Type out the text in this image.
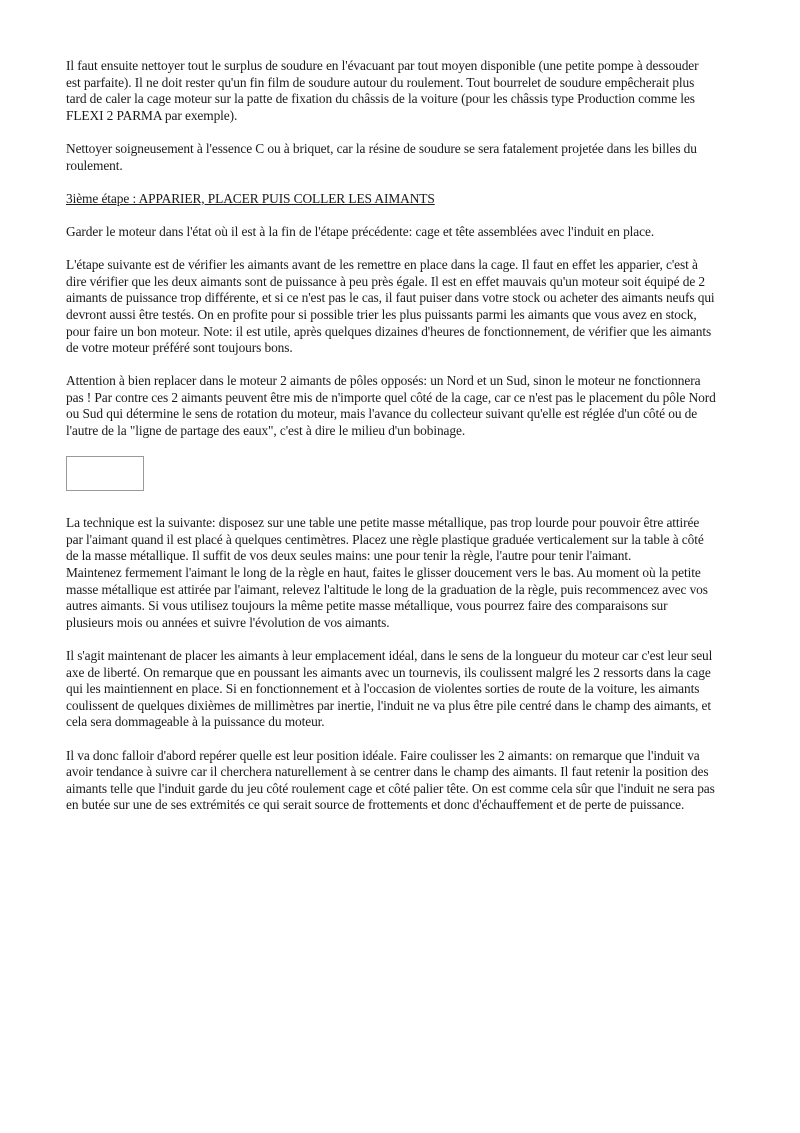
Il faut ensuite nettoyer tout le surplus de soudure en l'évacuant par tout moyen disponible (une petite pompe à dessouder est parfaite). Il ne doit rester qu'un fin film de soudure autour du roulement. Tout bourrelet de soudure empêcherait plus tard de caler la cage moteur sur la patte de fixation du châssis de la voiture (pour les châssis type Production comme les FLEXI 2 PARMA par exemple).

Nettoyer soigneusement à l'essence C ou à briquet, car la résine de soudure se sera fatalement projetée dans les billes du roulement.

3ième étape : APPARIER, PLACER PUIS COLLER LES AIMANTS

Garder le moteur dans l'état où il est à la fin de l'étape précédente: cage et tête assemblées avec l'induit en place.

L'étape suivante est de vérifier les aimants avant de les remettre en place dans la cage. Il faut en effet les apparier, c'est à dire vérifier que les deux aimants sont de puissance à peu près égale. Il est en effet mauvais qu'un moteur soit équipé de 2 aimants de puissance trop différente, et si ce n'est pas le cas, il faut puiser dans votre stock ou acheter des aimants neufs qui devront aussi être testés. On en profite pour si possible trier les plus puissants parmi les aimants que vous avez en stock, pour faire un bon moteur. Note: il est utile, après quelques dizaines d'heures de fonctionnement, de vérifier que les aimants de votre moteur préféré sont toujours bons.

Attention à bien replacer dans le moteur 2 aimants de pôles opposés: un Nord et un Sud, sinon le moteur ne fonctionnera pas ! Par contre ces 2 aimants peuvent être mis de n'importe quel côté de la cage, car ce n'est pas le placement du pôle Nord ou Sud qui détermine le sens de rotation du moteur, mais l'avance du collecteur suivant qu'elle est réglée d'un côté ou de l'autre de la "ligne de partage des eaux", c'est à dire le milieu d'un bobinage.

La technique est la suivante: disposez sur une table une petite masse métallique, pas trop lourde pour pouvoir être attirée par l'aimant quand il est placé à quelques centimètres. Placez une règle plastique graduée verticalement sur la table à côté de la masse métallique. Il suffit de vos deux seules mains: une pour tenir la règle, l'autre pour tenir l'aimant.

Maintenez fermement l'aimant le long de la règle en haut, faites le glisser doucement vers le bas. Au moment où la petite masse métallique est attirée par l'aimant, relevez l'altitude le long de la graduation de la règle, puis recommencez avec vos autres aimants. Si vous utilisez toujours la même petite masse métallique, vous pourrez faire des comparaisons sur plusieurs mois ou années et suivre l'évolution de vos aimants.

Il s'agit maintenant de placer les aimants à leur emplacement idéal, dans le sens de la longueur du moteur car c'est leur seul axe de liberté. On remarque que en poussant les aimants avec un tournevis, ils coulissent malgré les 2 ressorts dans la cage qui les maintiennent en place. Si en fonctionnement et à l'occasion de violentes sorties de route de la voiture, les aimants coulissent de quelques dixièmes de millimètres par inertie, l'induit ne va plus être pile centré dans le champ des aimants, et cela sera dommageable à la puissance du moteur.

Il va donc falloir d'abord repérer quelle est leur position idéale. Faire coulisser les 2 aimants: on remarque que l'induit va avoir tendance à suivre car il cherchera naturellement à se centrer dans le champ des aimants. Il faut retenir la position des aimants telle que l'induit garde du jeu côté roulement cage et côté palier tête. On est comme cela sûr que l'induit ne sera pas en butée sur une de ses extrémités ce qui serait source de frottements et donc d'échauffement et de perte de puissance.
